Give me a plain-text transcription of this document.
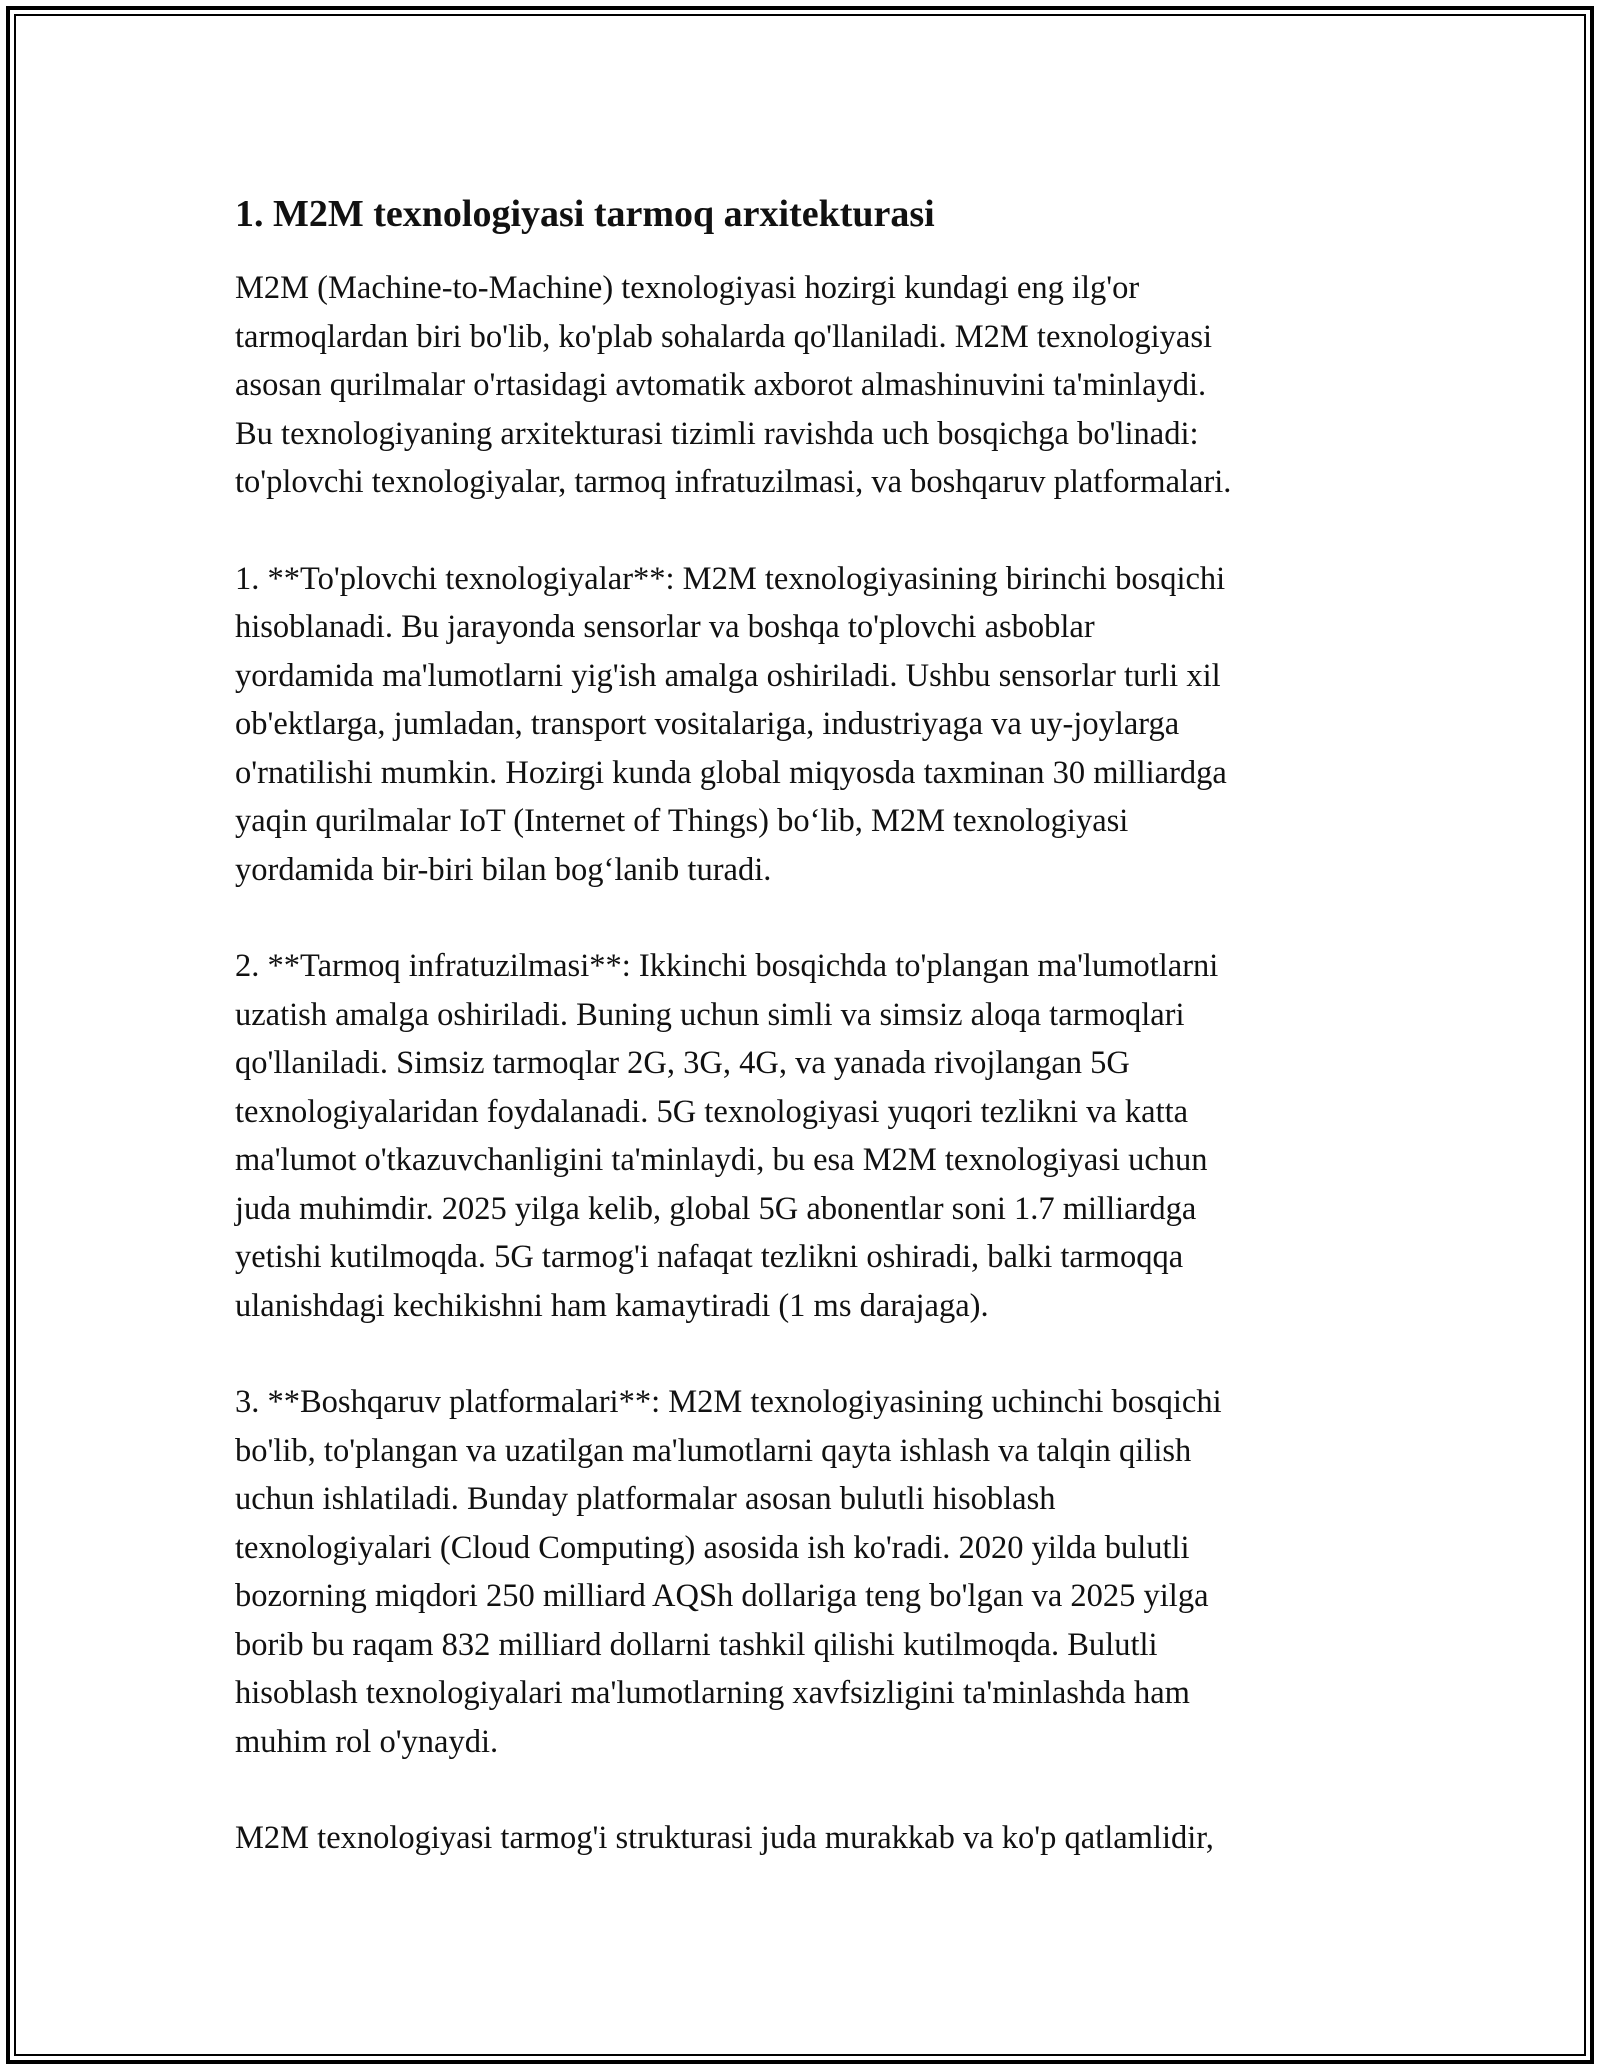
1. M2M texnologiyasi tarmoq arxitekturasi

M2M (Machine-to-Machine) texnologiyasi hozirgi kundagi eng ilg'or
tarmoqlardan biri bo'lib, ko'plab sohalarda qo'llaniladi. M2M texnologiyasi
asosan qurilmalar o'rtasidagi avtomatik axborot almashinuvini ta'minlaydi.
Bu texnologiyaning arxitekturasi tizimli ravishda uch bosqichga bo'linadi:
to'plovchi texnologiyalar, tarmoq infratuzilmasi, va boshqaruv platformalari.

1. **To'plovchi texnologiyalar**: M2M texnologiyasining birinchi bosqichi
hisoblanadi. Bu jarayonda sensorlar va boshqa to'plovchi asboblar
yordamida ma'lumotlarni yig'ish amalga oshiriladi. Ushbu sensorlar turli xil
ob'ektlarga, jumladan, transport vositalariga, industriyaga va uy-joylarga
o'rnatilishi mumkin. Hozirgi kunda global miqyosda taxminan 30 milliardga
yaqin qurilmalar IoT (Internet of Things) bo‘lib, M2M texnologiyasi
yordamida bir-biri bilan bog‘lanib turadi.

2. **Tarmoq infratuzilmasi**: Ikkinchi bosqichda to'plangan ma'lumotlarni
uzatish amalga oshiriladi. Buning uchun simli va simsiz aloqa tarmoqlari
qo'llaniladi. Simsiz tarmoqlar 2G, 3G, 4G, va yanada rivojlangan 5G
texnologiyalaridan foydalanadi. 5G texnologiyasi yuqori tezlikni va katta
ma'lumot o'tkazuvchanligini ta'minlaydi, bu esa M2M texnologiyasi uchun
juda muhimdir. 2025 yilga kelib, global 5G abonentlar soni 1.7 milliardga
yetishi kutilmoqda. 5G tarmog'i nafaqat tezlikni oshiradi, balki tarmoqqa
ulanishdagi kechikishni ham kamaytiradi (1 ms darajaga).

3. **Boshqaruv platformalari**: M2M texnologiyasining uchinchi bosqichi
bo'lib, to'plangan va uzatilgan ma'lumotlarni qayta ishlash va talqin qilish
uchun ishlatiladi. Bunday platformalar asosan bulutli hisoblash
texnologiyalari (Cloud Computing) asosida ish ko'radi. 2020 yilda bulutli
bozorning miqdori 250 milliard AQSh dollariga teng bo'lgan va 2025 yilga
borib bu raqam 832 milliard dollarni tashkil qilishi kutilmoqda. Bulutli
hisoblash texnologiyalari ma'lumotlarning xavfsizligini ta'minlashda ham
muhim rol o'ynaydi.

M2M texnologiyasi tarmog'i strukturasi juda murakkab va ko'p qatlamlidir,
